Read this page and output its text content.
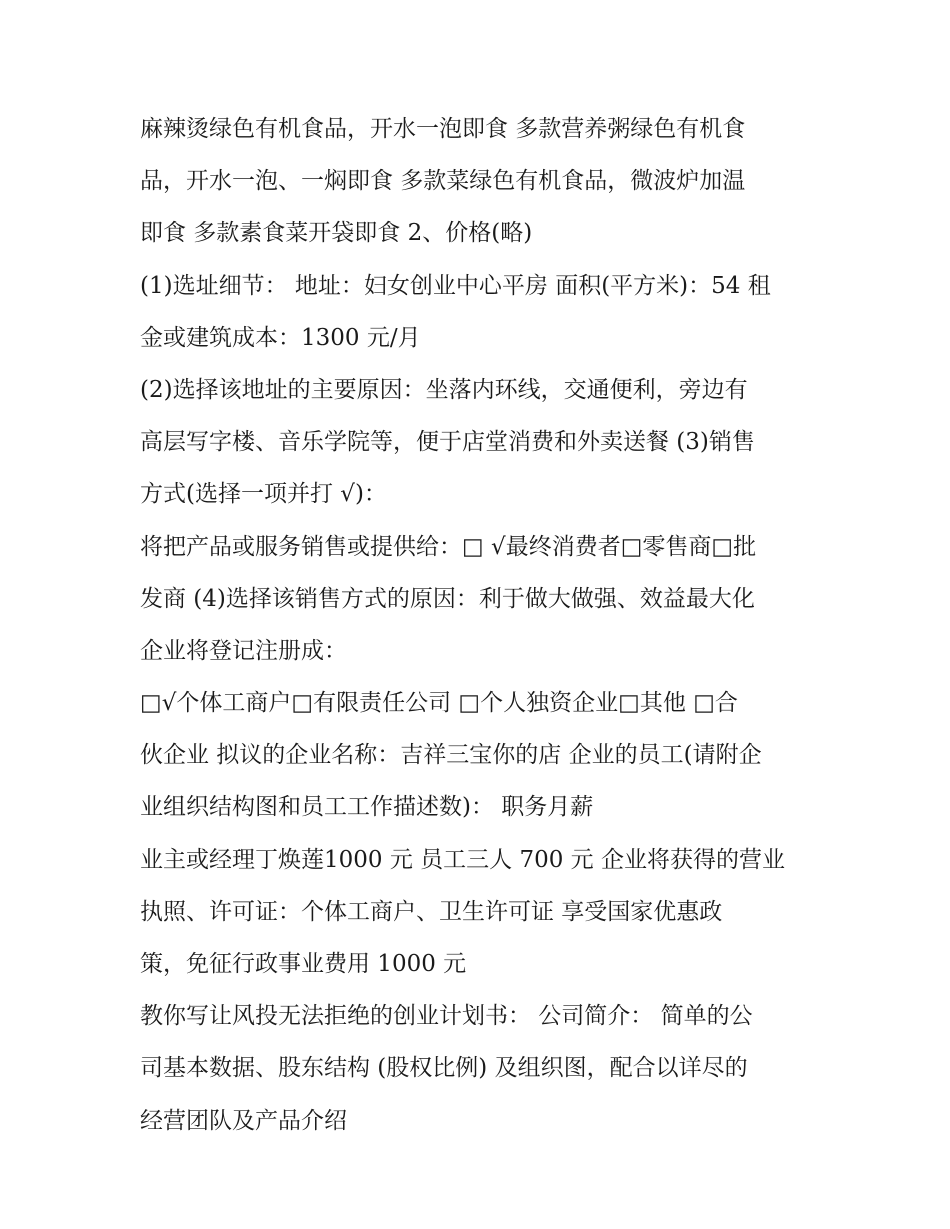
麻辣烫绿色有机食品，开水一泡即食 多款营养粥绿色有机食
品，开水一泡、一焖即食 多款菜绿色有机食品，微波炉加温
即食 多款素食菜开袋即食 2、价格(略)
(1)选址细节： 地址：妇女创业中心平房 面积(平方米)：54 租
金或建筑成本：1300 元/月
(2)选择该地址的主要原因：坐落内环线，交通便利，旁边有
高层写字楼、音乐学院等，便于店堂消费和外卖送餐 (3)销售
方式(选择一项并打 √)：
将把产品或服务销售或提供给：□ √最终消费者□零售商□批
发商 (4)选择该销售方式的原因：利于做大做强、效益最大化
企业将登记注册成：
□√个体工商户□有限责任公司 □个人独资企业□其他 □合
伙企业 拟议的企业名称：吉祥三宝你的店 企业的员工(请附企
业组织结构图和员工工作描述数)： 职务月薪
业主或经理丁焕莲1000 元 员工三人 700 元 企业将获得的营业
执照、许可证：个体工商户、卫生许可证 享受国家优惠政
策，免征行政事业费用 1000 元
教你写让风投无法拒绝的创业计划书： 公司简介： 简单的公
司基本数据、股东结构 (股权比例) 及组织图，配合以详尽的
经营团队及产品介绍
